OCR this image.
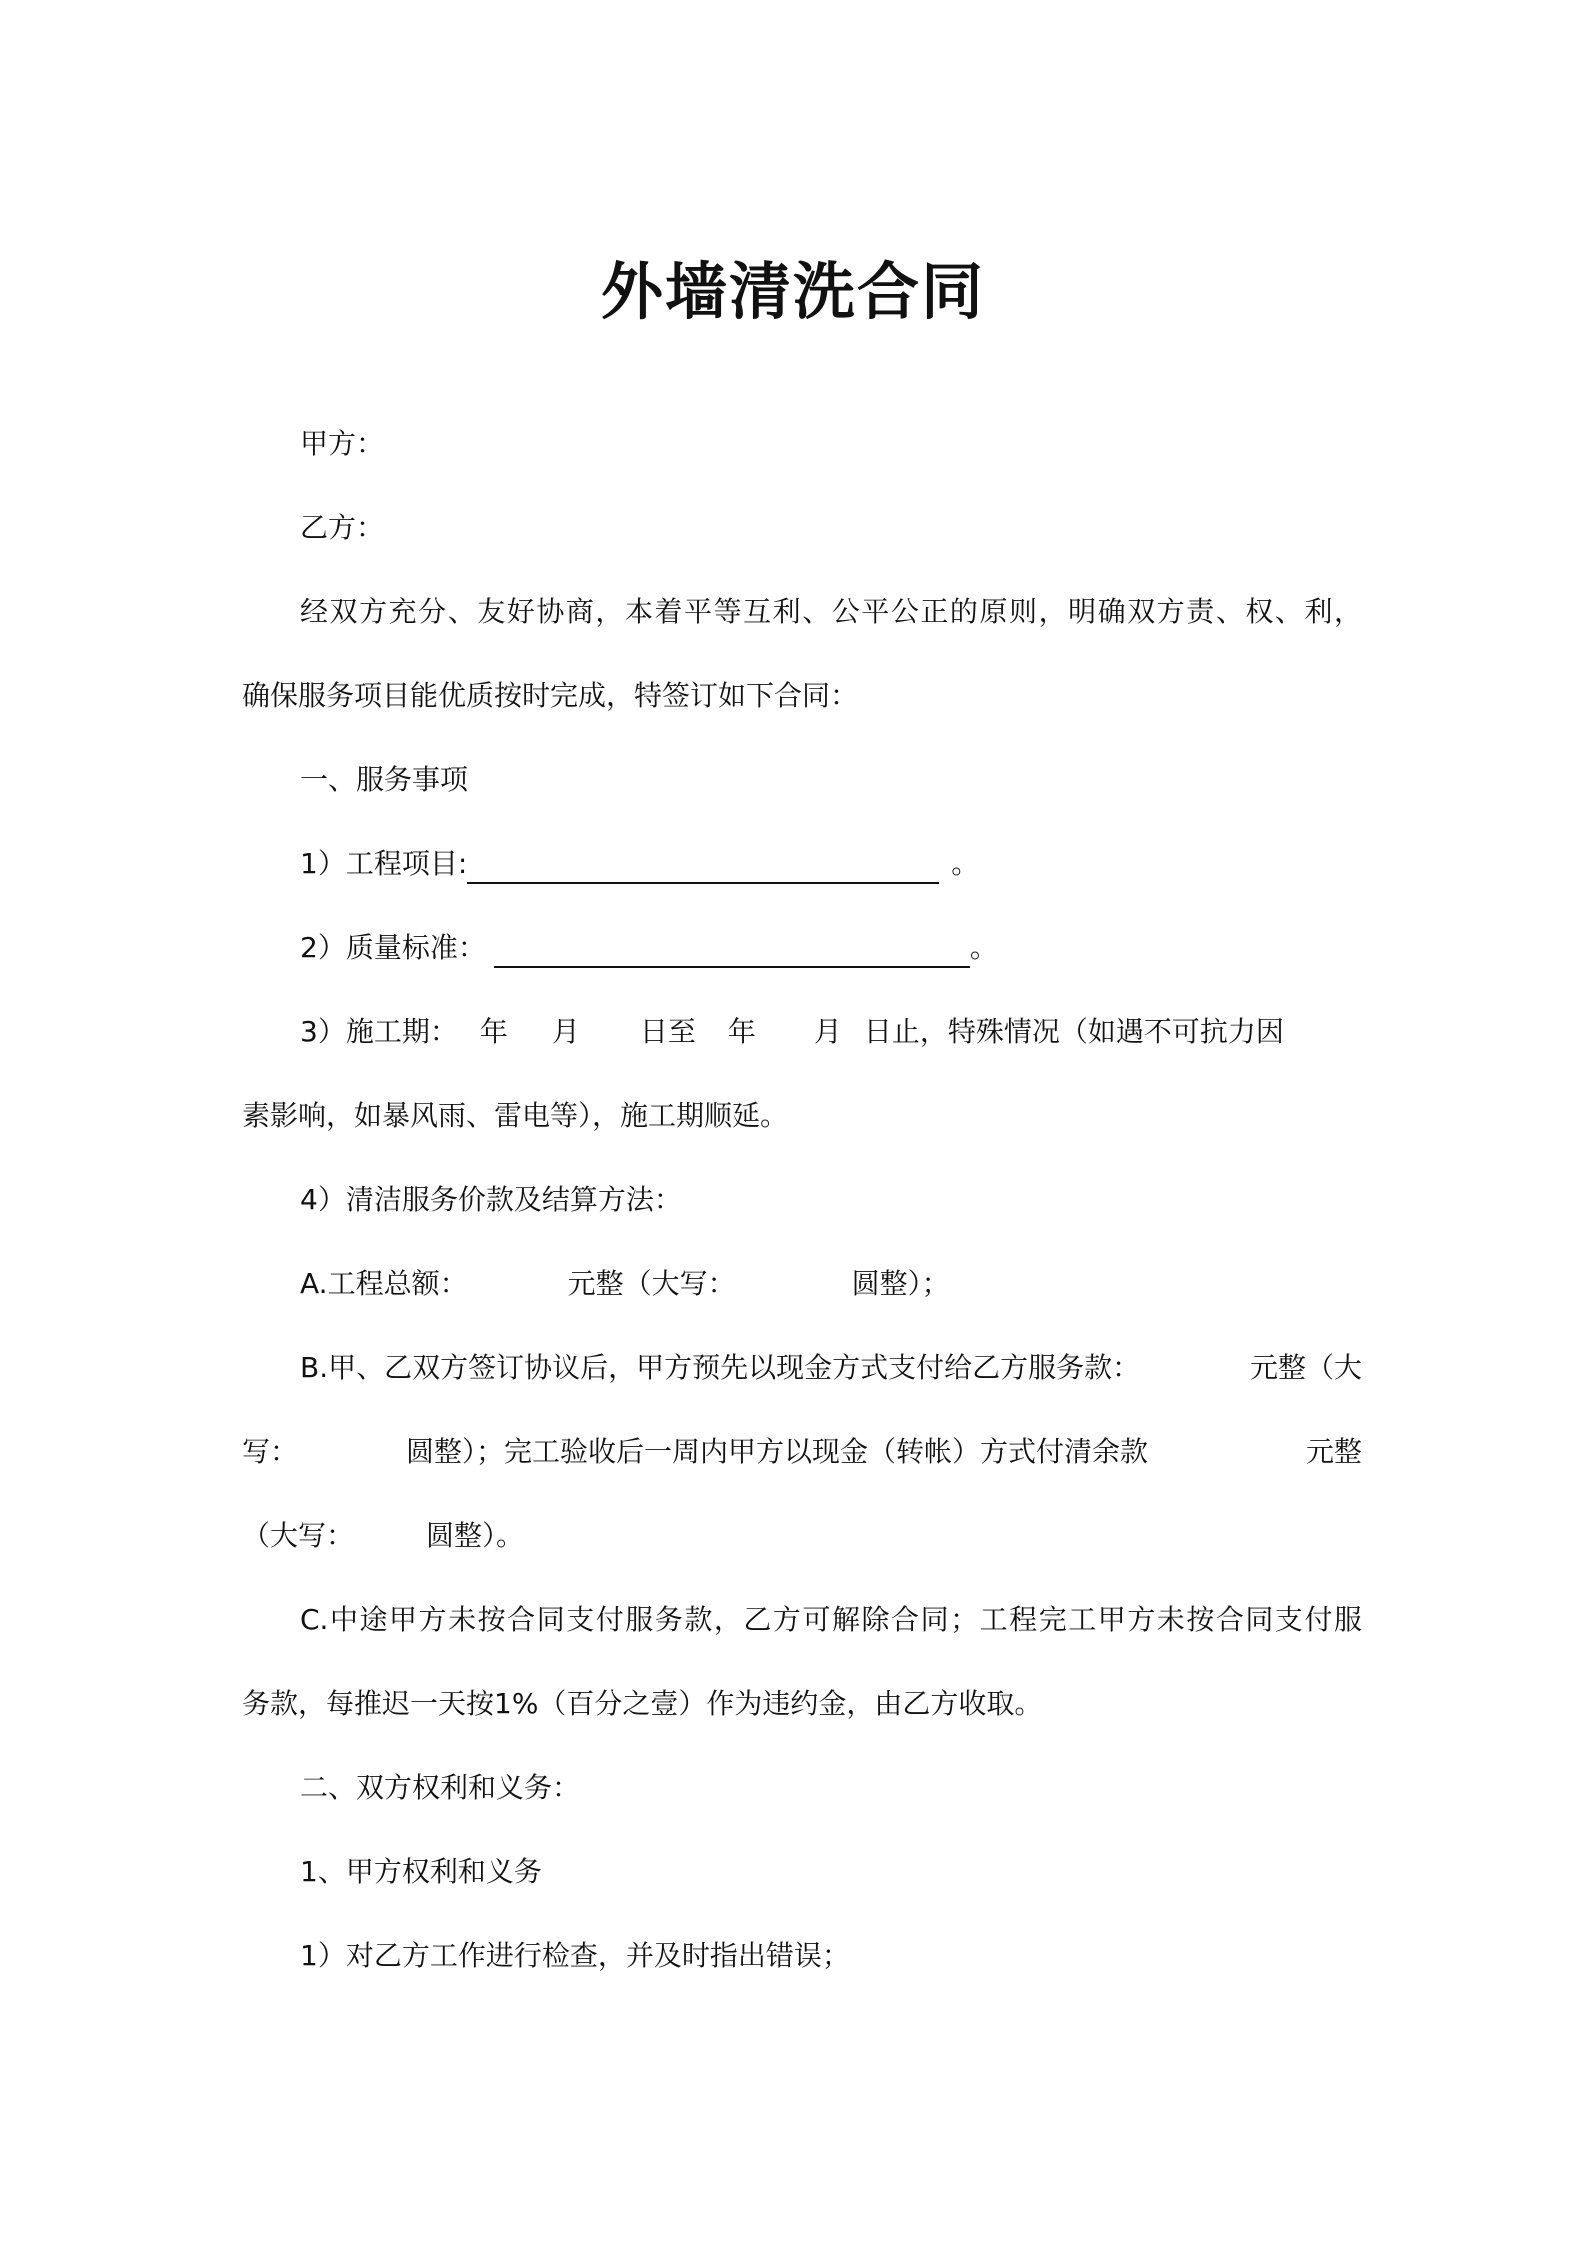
外墙清洗合同
甲方：
乙方：
经双方充分、友好协商，本着平等互利、公平公正的原则，明确双方责、权、利，
确保服务项目能优质按时完成，特签订如下合同：
一、服务事项
1）工程项目:	。
2）质量标准：	。
3）施工期： 年 月 日至 年 月 日止，特殊情况（如遇不可抗力因
素影响，如暴风雨、雷电等），施工期顺延。
4）清洁服务价款及结算方法：
A.工程总额：	元整（大写：	圆整）；
B.甲、乙双方签订协议后，甲方预先以现金方式支付给乙方服务款：	元整（大
写：	圆整）；完工验收后一周内甲方以现金（转帐）方式付清余款	元整
（大写：	圆整）。
C.中途甲方未按合同支付服务款，乙方可解除合同；工程完工甲方未按合同支付服
务款，每推迟一天按1%（百分之壹）作为违约金，由乙方收取。
二、双方权利和义务：
1、甲方权利和义务
1）对乙方工作进行检查，并及时指出错误；
